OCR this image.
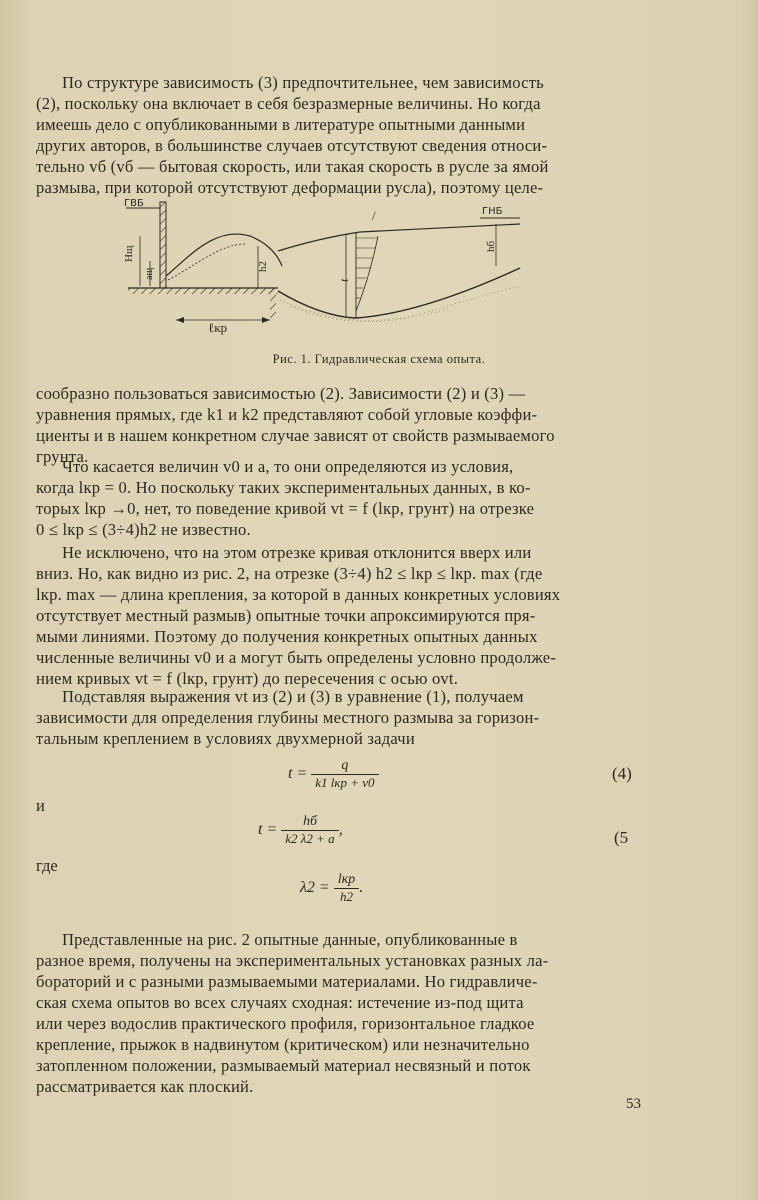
По структуре зависимость (3) предпочтительнее, чем зависимость
(2), поскольку она включает в себя безразмерные величины. Но когда
имеешь дело с опубликованными в литературе опытными данными
других авторов, в большинстве случаев отсутствуют сведения относи-
тельно vб (vб — бытовая скорость, или такая скорость в русле за ямой
размыва, при которой отсутствуют деформации русла), поэтому целе-
ГВБ
ГНБ
Hщ
aщ
h2
t
hб
ℓкр
/
Рис. 1. Гидравлическая схема опыта.
сообразно пользоваться зависимостью (2). Зависимости (2) и (3) —
уравнения прямых, где k1 и k2 представляют собой угловые коэффи-
циенты и в нашем конкретном случае зависят от свойств размываемого
грунта.
Что касается величин v0 и a, то они определяются из условия,
когда lкр = 0. Но поскольку таких экспериментальных данных, в ко-
торых lкр →0, нет, то поведение кривой vt = f (lкр, грунт) на отрезке
0 ≤ lкр ≤ (3÷4)h2 не известно.
Не исключено, что на этом отрезке кривая отклонится вверх или
вниз. Но, как видно из рис. 2, на отрезке (3÷4) h2 ≤ lкр ≤ lкр. max (где
lкр. max — длина крепления, за которой в данных конкретных условиях
отсутствует местный размыв) опытные точки апроксимируются пря-
мыми линиями. Поэтому до получения конкретных опытных данных
численные величины v0 и a могут быть определены условно продолже-
нием кривых vt = f (lкр, грунт) до пересечения с осью ovt.
Подставляя выражения vt из (2) и (3) в уравнение (1), получаем
зависимости для определения глубины местного размыва за горизон-
тальным креплением в условиях двухмерной задачи
$t = \frac{q}{\text{k1 lкр + v0}}$	(4)
и
$t = \frac{hб}{k2 \lambda 2 + a}$ ,	(5
где
$\lambda 2 = \frac{\text{lкр}}{h2}$ .
Представленные на рис. 2 опытные данные, опубликованные в
разное время, получены на экспериментальных установках разных ла-
бораторий и с разными размываемыми материалами. Но гидравличе-
ская схема опытов во всех случаях сходная: истечение из-под щита
или через водослив практического профиля, горизонтальное гладкое
крепление, прыжок в надвинутом (критическом) или незначительно
затопленном положении, размываемый материал несвязный и поток
рассматривается как плоский.
53
